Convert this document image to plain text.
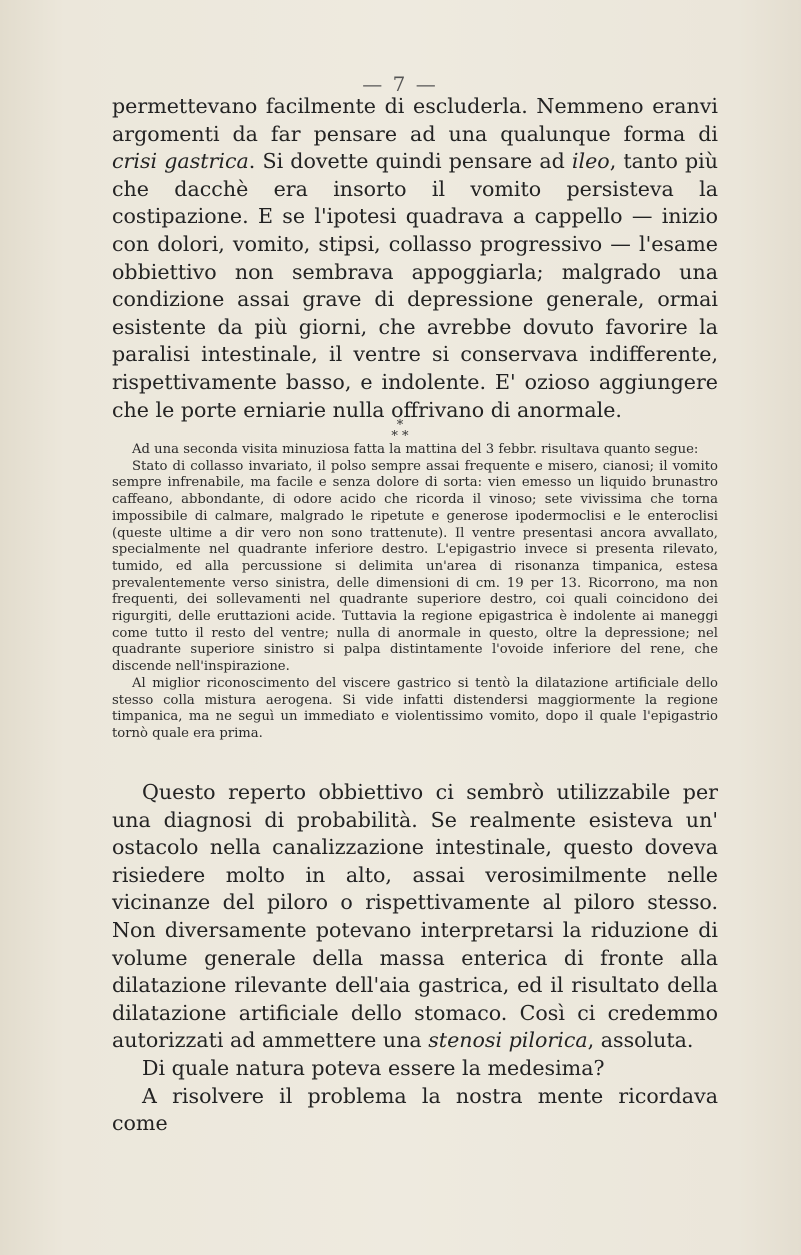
— 7 —

permettevano facilmente di escluderla. Nemmeno eranvi argomenti da far pensare ad una qualunque forma di crisi gastrica. Si dovette quindi pensare ad ileo, tanto più che dacchè era insorto il vomito persisteva la costipazione. E se l'ipotesi quadrava a cappello — inizio con dolori, vomito, stipsi, collasso progressivo — l'esame obbiettivo non sembrava appoggiarla; malgrado una condizione assai grave di depressione generale, ormai esistente da più giorni, che avrebbe dovuto favorire la paralisi intestinale, il ventre si conservava indifferente, rispettivamente basso, e indolente. E' ozioso aggiungere che le porte erniarie nulla offrivano di anormale.

*
* *

Ad una seconda visita minuziosa fatta la mattina del 3 febbr. risultava quanto segue:

Stato di collasso invariato, il polso sempre assai frequente e misero, cianosi; il vomito sempre infrenabile, ma facile e senza dolore di sorta: vien emesso un liquido brunastro caffeano, abbondante, di odore acido che ricorda il vinoso; sete vivissima che torna impossibile di calmare, malgrado le ripetute e generose ipodermoclisi e le enteroclisi (queste ultime a dir vero non sono trattenute). Il ventre presentasi ancora avvallato, specialmente nel quadrante inferiore destro. L'epigastrio invece si presenta rilevato, tumido, ed alla percussione si delimita un'area di risonanza timpanica, estesa prevalentemente verso sinistra, delle dimensioni di cm. 19 per 13. Ricorrono, ma non frequenti, dei sollevamenti nel quadrante superiore destro, coi quali coincidono dei rigurgiti, delle eruttazioni acide. Tuttavia la regione epigastrica è indolente ai maneggi come tutto il resto del ventre; nulla di anormale in questo, oltre la depressione; nel quadrante superiore sinistro si palpa distintamente l'ovoide inferiore del rene, che discende nell'inspirazione.

Al miglior riconoscimento del viscere gastrico si tentò la dilatazione artificiale dello stesso colla mistura aerogena. Si vide infatti distendersi maggiormente la regione timpanica, ma ne seguì un immediato e violentissimo vomito, dopo il quale l'epigastrio tornò quale era prima.

Questo reperto obbiettivo ci sembrò utilizzabile per una diagnosi di probabilità. Se realmente esisteva un' ostacolo nella canalizzazione intestinale, questo doveva risiedere molto in alto, assai verosimilmente nelle vicinanze del piloro o rispettivamente al piloro stesso. Non diversamente potevano interpretarsi la riduzione di volume generale della massa enterica di fronte alla dilatazione rilevante dell'aia gastrica, ed il risultato della dilatazione artificiale dello stomaco. Così ci credemmo autorizzati ad ammettere una stenosi pilorica, assoluta.

Di quale natura poteva essere la medesima?

A risolvere il problema la nostra mente ricordava come
